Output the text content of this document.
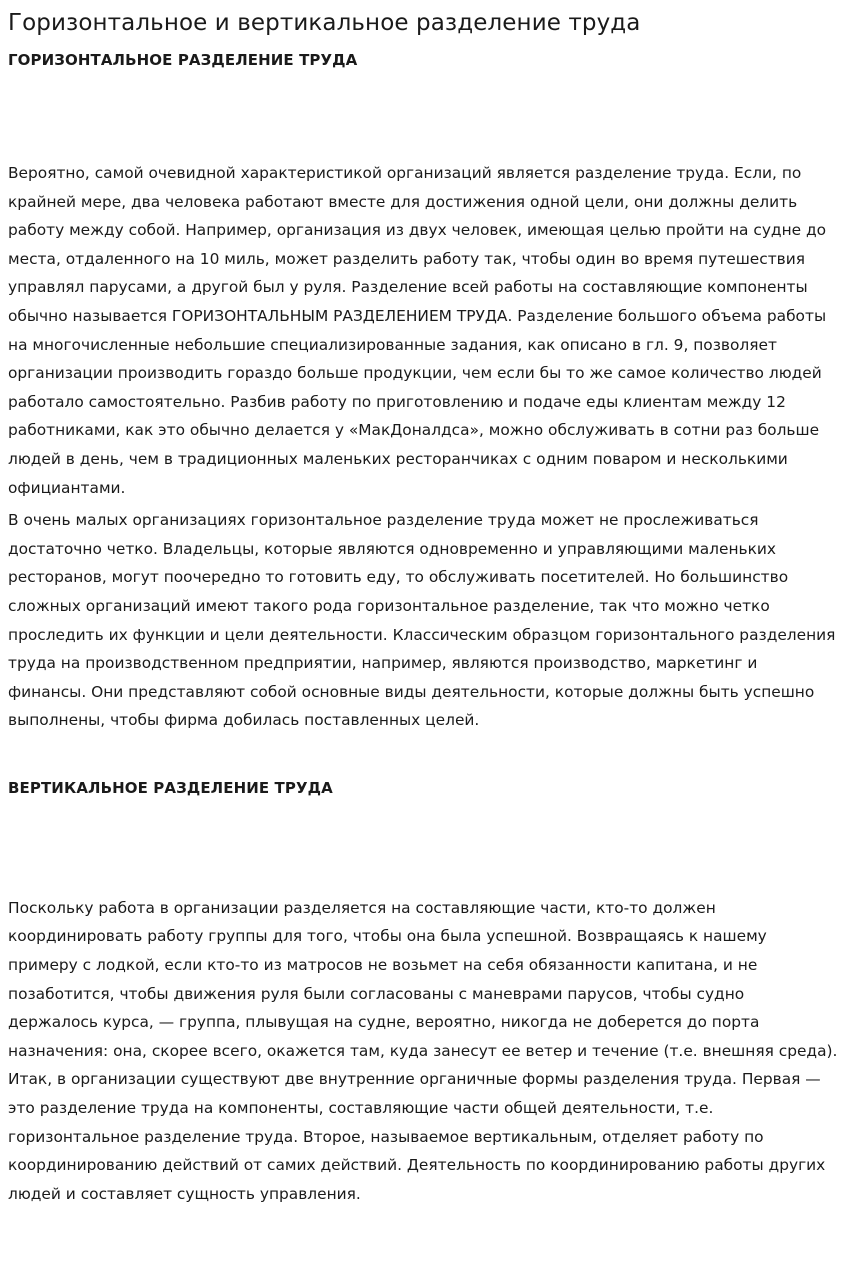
Горизонтальное и вертикальное разделение труда
ГОРИЗОНТАЛЬНОЕ РАЗДЕЛЕНИЕ ТРУДА

Вероятно, самой очевидной характеристикой организаций является разделение труда. Если, по крайней мере, два человека работают вместе для достижения одной цели, они должны делить работу между собой. Например, организация из двух человек, имеющая целью пройти на судне до места, отдаленного на 10 миль, может разделить работу так, чтобы один во время путешествия управлял парусами, а другой был у руля. Разделение всей работы на составляющие компоненты обычно называется ГОРИЗОНТАЛЬНЫМ РАЗДЕЛЕНИЕМ ТРУДА. Разделение большого объема работы на многочисленные небольшие специализированные задания, как описано в гл. 9, позволяет организации производить гораздо больше продукции, чем если бы то же самое количество людей работало самостоятельно. Разбив работу по приготовлению и подаче еды клиентам между 12 работниками, как это обычно делается у «МакДоналдса», можно обслуживать в сотни раз больше людей в день, чем в традиционных маленьких ресторанчиках с одним поваром и несколькими официантами.

В очень малых организациях горизонтальное разделение труда может не прослеживаться достаточно четко. Владельцы, которые являются одновременно и управляющими маленьких ресторанов, могут поочередно то готовить еду, то обслуживать посетителей. Но большинство сложных организаций имеют такого рода горизонтальное разделение, так что можно четко проследить их функции и цели деятельности. Классическим образцом горизонтального разделения труда на производственном предприятии, например, являются производство, маркетинг и финансы. Они представляют собой основные виды деятельности, которые должны быть успешно выполнены, чтобы фирма добилась поставленных целей.

ВЕРТИКАЛЬНОЕ РАЗДЕЛЕНИЕ ТРУДА

Поскольку работа в организации разделяется на составляющие части, кто-то должен координировать работу группы для того, чтобы она была успешной. Возвращаясь к нашему примеру с лодкой, если кто-то из матросов не возьмет на себя обязанности капитана, и не позаботится, чтобы движения руля были согласованы с маневрами парусов, чтобы судно держалось курса, — группа, плывущая на судне, вероятно, никогда не доберется до порта назначения: она, скорее всего, окажется там, куда занесут ее ветер и течение (т.е. внешняя среда). Итак, в организации существуют две внутренние органичные формы разделения труда. Первая — это разделение труда на компоненты, составляющие части общей деятельности, т.е. горизонтальное разделение труда. Второе, называемое вертикальным, отделяет работу по координированию действий от самих действий. Деятельность по координированию работы других людей и составляет сущность управления.
